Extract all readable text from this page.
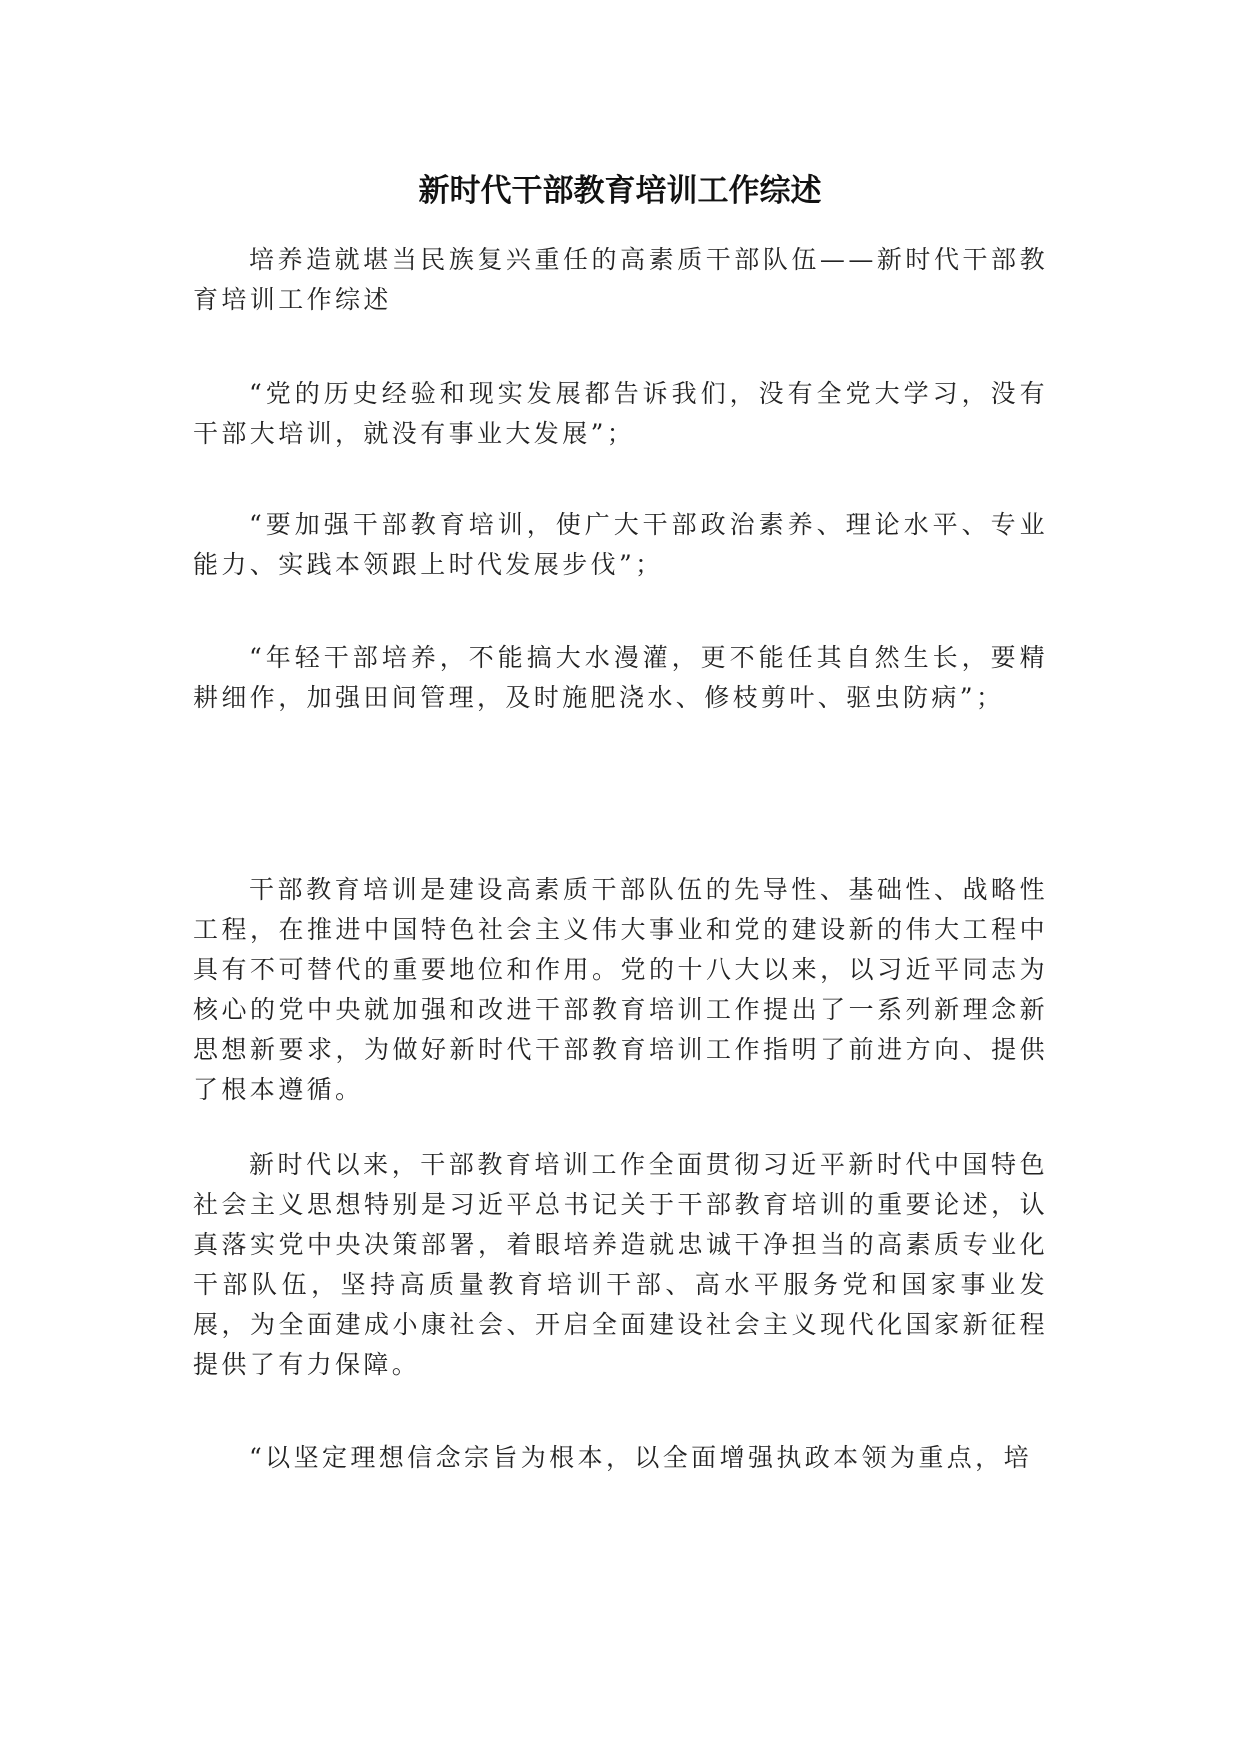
新时代干部教育培训工作综述

培养造就堪当民族复兴重任的高素质干部队伍——新时代干部教育培训工作综述

“党的历史经验和现实发展都告诉我们，没有全党大学习，没有干部大培训，就没有事业大发展”；

“要加强干部教育培训，使广大干部政治素养、理论水平、专业能力、实践本领跟上时代发展步伐”；

“年轻干部培养，不能搞大水漫灌，更不能任其自然生长，要精耕细作，加强田间管理，及时施肥浇水、修枝剪叶、驱虫防病”；

干部教育培训是建设高素质干部队伍的先导性、基础性、战略性工程，在推进中国特色社会主义伟大事业和党的建设新的伟大工程中具有不可替代的重要地位和作用。党的十八大以来，以习近平同志为核心的党中央就加强和改进干部教育培训工作提出了一系列新理念新思想新要求，为做好新时代干部教育培训工作指明了前进方向、提供了根本遵循。

新时代以来，干部教育培训工作全面贯彻习近平新时代中国特色社会主义思想特别是习近平总书记关于干部教育培训的重要论述，认真落实党中央决策部署，着眼培养造就忠诚干净担当的高素质专业化干部队伍，坚持高质量教育培训干部、高水平服务党和国家事业发展，为全面建成小康社会、开启全面建设社会主义现代化国家新征程提供了有力保障。

“以坚定理想信念宗旨为根本，以全面增强执政本领为重点，培
